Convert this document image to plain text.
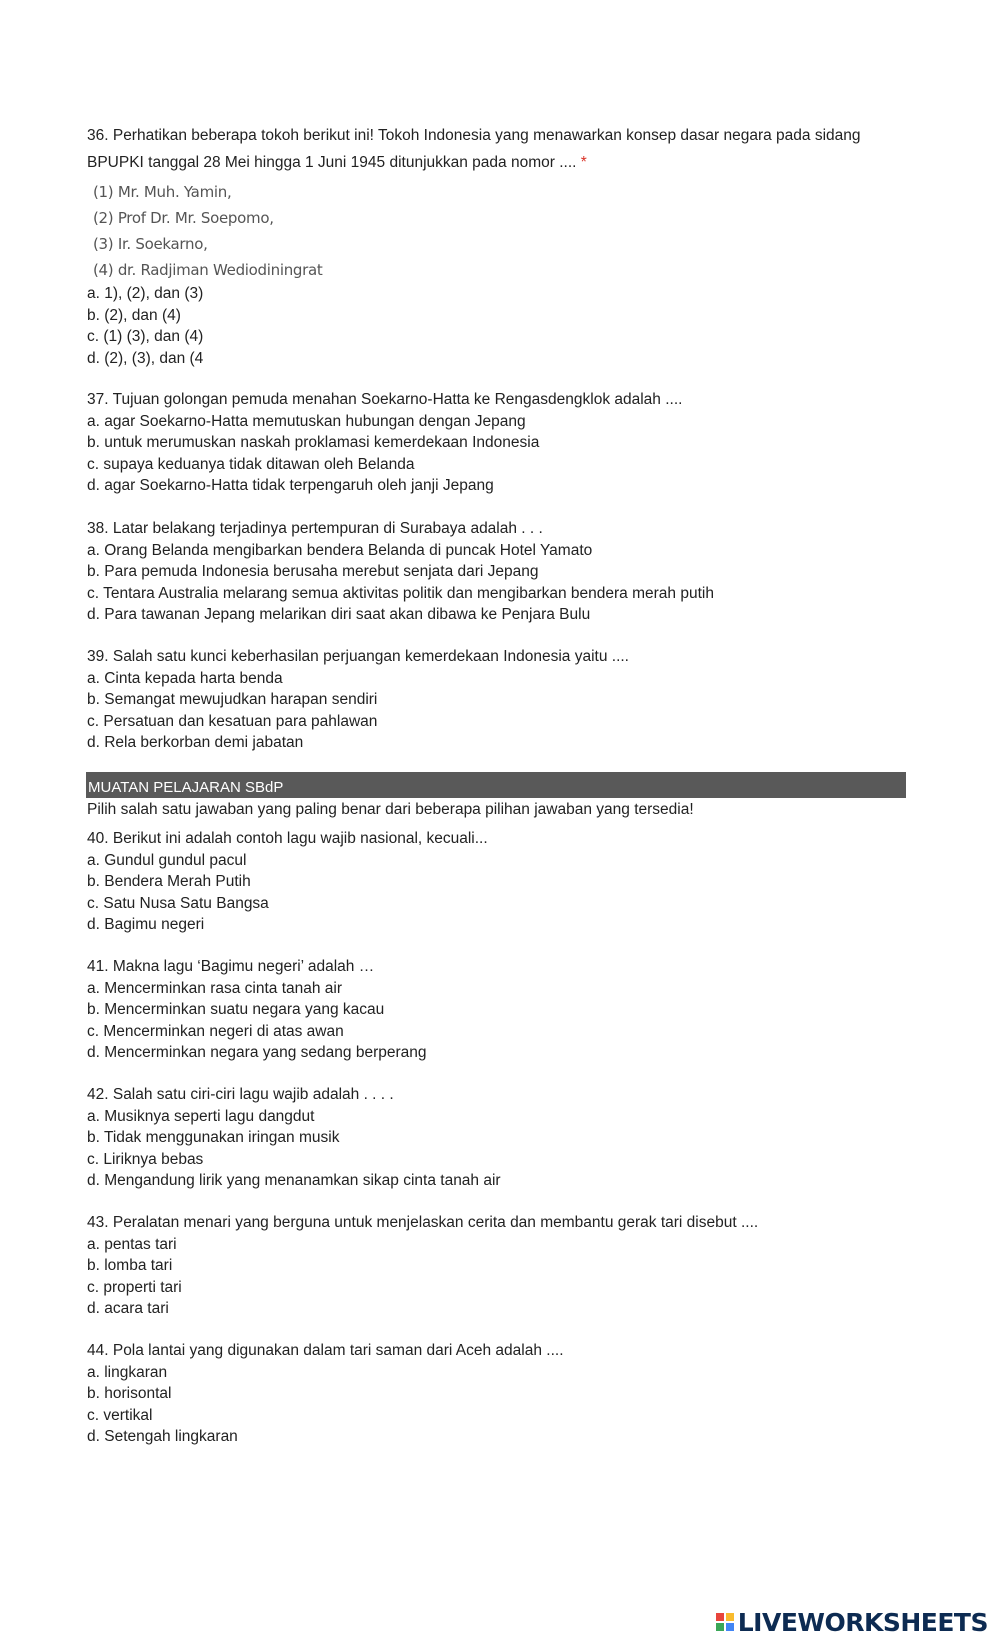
36. Perhatikan beberapa tokoh berikut ini! Tokoh Indonesia yang menawarkan konsep dasar negara pada sidang BPUPKI tanggal 28 Mei hingga 1 Juni 1945 ditunjukkan pada nomor .... *
(1) Mr. Muh. Yamin,
(2) Prof Dr. Mr. Soepomo,
(3) Ir. Soekarno,
(4) dr. Radjiman Wediodiningrat
a. 1), (2), dan (3)
b. (2), dan (4)
c. (1) (3), dan (4)
d. (2), (3), dan (4
37. Tujuan golongan pemuda menahan Soekarno-Hatta ke Rengasdengklok adalah ....
a. agar Soekarno-Hatta memutuskan hubungan dengan Jepang
b. untuk merumuskan naskah proklamasi kemerdekaan Indonesia
c. supaya keduanya tidak ditawan oleh Belanda
d. agar Soekarno-Hatta tidak terpengaruh oleh janji Jepang
38. Latar belakang terjadinya pertempuran di Surabaya adalah . . .
a. Orang Belanda mengibarkan bendera Belanda di puncak Hotel Yamato
b. Para pemuda Indonesia berusaha merebut senjata dari Jepang
c. Tentara Australia melarang semua aktivitas politik dan mengibarkan bendera merah putih
d. Para tawanan Jepang melarikan diri saat akan dibawa ke Penjara Bulu
39. Salah satu kunci keberhasilan perjuangan kemerdekaan Indonesia yaitu ....
a. Cinta kepada harta benda
b. Semangat mewujudkan harapan sendiri
c. Persatuan dan kesatuan para pahlawan
d. Rela berkorban demi jabatan
MUATAN PELAJARAN SBdP
Pilih salah satu jawaban yang paling benar dari beberapa pilihan jawaban yang tersedia!
40. Berikut ini adalah contoh lagu wajib nasional, kecuali...
a. Gundul gundul pacul
b. Bendera Merah Putih
c. Satu Nusa Satu Bangsa
d. Bagimu negeri
41. Makna lagu ‘Bagimu negeri’ adalah …
a. Mencerminkan rasa cinta tanah air
b. Mencerminkan suatu negara yang kacau
c. Mencerminkan negeri di atas awan
d. Mencerminkan negara yang sedang berperang
42. Salah satu ciri-ciri lagu wajib adalah . . . .
a. Musiknya seperti lagu dangdut
b. Tidak menggunakan iringan musik
c. Liriknya bebas
d. Mengandung lirik yang menanamkan sikap cinta tanah air
43. Peralatan menari yang berguna untuk menjelaskan cerita dan membantu gerak tari disebut ....
a. pentas tari
b. lomba tari
c. properti tari
d. acara tari
44. Pola lantai yang digunakan dalam tari saman dari Aceh adalah ....
a. lingkaran
b. horisontal
c. vertikal
d. Setengah lingkaran
LIVEWORKSHEETS
